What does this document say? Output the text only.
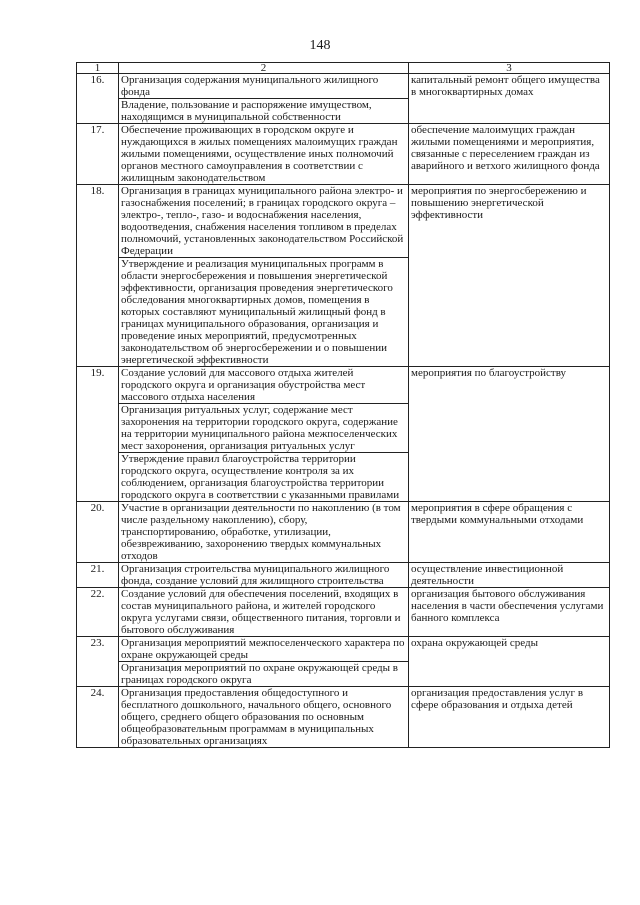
148
1	2	3
16.	Организация содержания муниципального жилищного фонда
Владение, пользование и распоряжение имуществом, находящимся в муниципальной собственности	капитальный ремонт общего имущества в многоквартирных домах
17.	Обеспечение проживающих в городском округе и нуждающихся в жилых помещениях малоимущих граждан жилыми помещениями, осуществление иных полномочий органов местного самоуправления в соответствии с жилищным законодательством	обеспечение малоимущих граждан жилыми помещениями и мероприятия, связанные с переселением граждан из аварийного и ветхого жилищного фонда
18.	Организация в границах муниципального района электро- и газоснабжения поселений; в границах городского округа – электро-, тепло-, газо- и водоснабжения населения, водоотведения, снабжения населения топливом в пределах полномочий, установленных законодательством Российской Федерации
Утверждение и реализация муниципальных программ в области энергосбережения и повышения энергетической эффективности, организация проведения энергетического обследования многоквартирных домов, помещения в которых составляют муниципальный жилищный фонд в границах муниципального образования, организация и проведение иных мероприятий, предусмотренных законодательством об энергосбережении и о повышении энергетической эффективности	мероприятия по энергосбережению и повышению энергетической эффективности
19.	Создание условий для массового отдыха жителей городского округа и организация обустройства мест массового отдыха населения
Организация ритуальных услуг, содержание мест захоронения на территории городского округа, содержание на территории муниципального района межпоселенческих мест захоронения, организация ритуальных услуг
Утверждение правил благоустройства территории городского округа, осуществление контроля за их соблюдением, организация благоустройства территории городского округа в соответствии с указанными правилами	мероприятия по благоустройству
20.	Участие в организации деятельности по накоплению (в том числе раздельному накоплению), сбору, транспортированию, обработке, утилизации, обезвреживанию, захоронению твердых коммунальных отходов	мероприятия в сфере обращения с твердыми коммунальными отходами
21.	Организация строительства муниципального жилищного фонда, создание условий для жилищного строительства	осуществление инвестиционной деятельности
22.	Создание условий для обеспечения поселений, входящих в состав муниципального района, и жителей городского округа услугами связи, общественного питания, торговли и бытового обслуживания	организация бытового обслуживания населения в части обеспечения услугами банного комплекса
23.	Организация мероприятий межпоселенческого характера по охране окружающей среды
Организация мероприятий по охране окружающей среды в границах городского округа	охрана окружающей среды
24.	Организация предоставления общедоступного и бесплатного дошкольного, начального общего, основного общего, среднего общего образования по основным общеобразовательным программам в муниципальных образовательных организациях	организация предоставления услуг в сфере образования и отдыха детей
